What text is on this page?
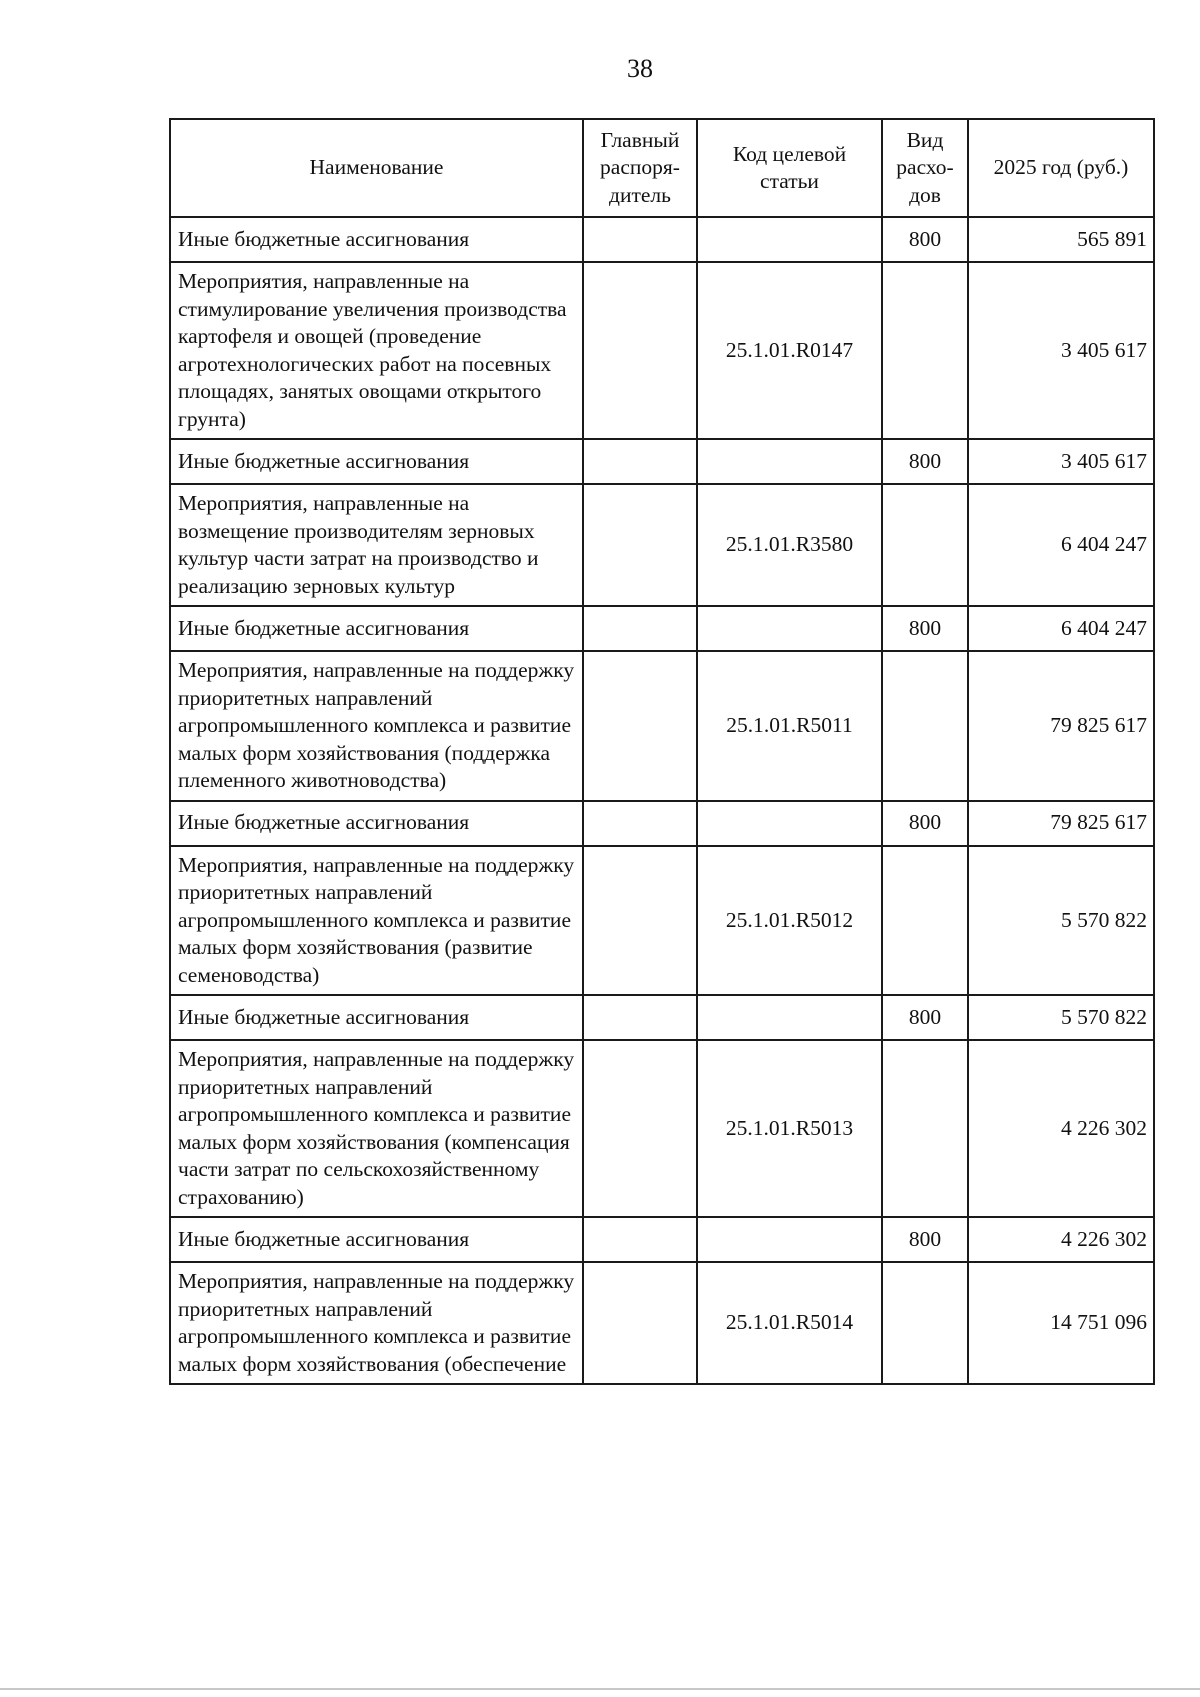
38
Наименование	Главный распоря-дитель	Код целевой статьи	Вид расхо-дов	2025 год (руб.)
Иные бюджетные ассигнования			800	565 891
Мероприятия, направленные на стимулирование увеличения производства картофеля и овощей (проведение агротехнологических работ на посевных площадях, занятых овощами открытого грунта)		25.1.01.R0147		3 405 617
Иные бюджетные ассигнования			800	3 405 617
Мероприятия, направленные на возмещение производителям зерновых культур части затрат на производство и реализацию зерновых культур		25.1.01.R3580		6 404 247
Иные бюджетные ассигнования			800	6 404 247
Мероприятия, направленные на поддержку приоритетных направлений агропромышленного комплекса и развитие малых форм хозяйствования (поддержка племенного животноводства)		25.1.01.R5011		79 825 617
Иные бюджетные ассигнования			800	79 825 617
Мероприятия, направленные на поддержку приоритетных направлений агропромышленного комплекса и развитие малых форм хозяйствования (развитие семеноводства)		25.1.01.R5012		5 570 822
Иные бюджетные ассигнования			800	5 570 822
Мероприятия, направленные на поддержку приоритетных направлений агропромышленного комплекса и развитие малых форм хозяйствования (компенсация части затрат по сельскохозяйственному страхованию)		25.1.01.R5013		4 226 302
Иные бюджетные ассигнования			800	4 226 302
Мероприятия, направленные на поддержку приоритетных направлений агропромышленного комплекса и развитие малых форм хозяйствования (обеспечение		25.1.01.R5014		14 751 096
